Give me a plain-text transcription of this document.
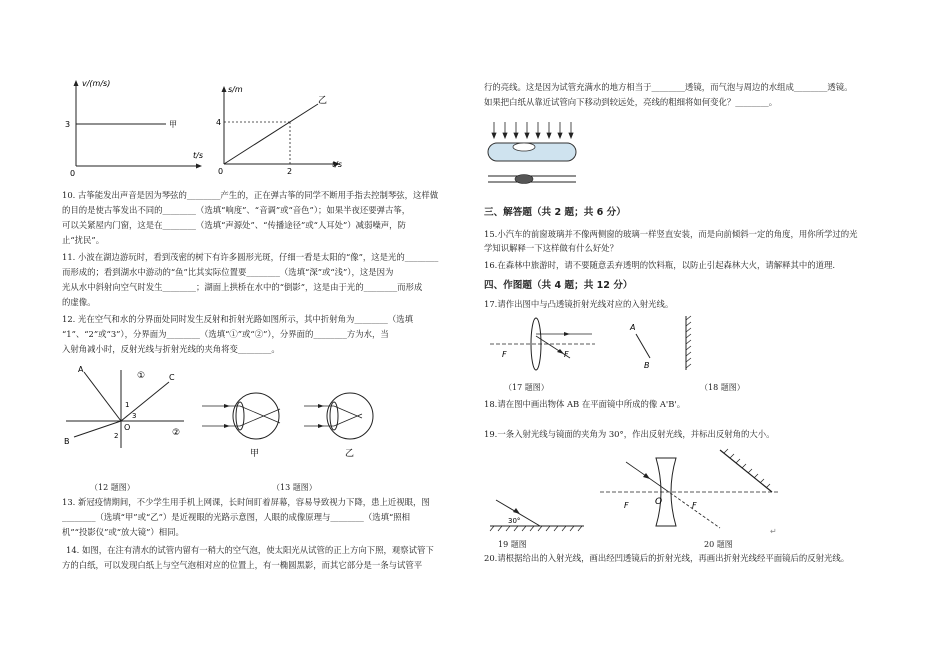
v/(m/s)
3	甲
t/s
0
s/m
4
2
乙
t/s
0
10. 古筝能发出声音是因为琴弦的________产生的，正在弹古筝的同学不断用手指去控制琴弦，这样做
的目的是使古筝发出不同的________（选填“响度”、“音调”或“音色”）；如果半夜还要弹古筝，
可以关紧屋内门窗，这是在________（选填“声源处”、“传播途径”或“人耳处”）减弱噪声，防
止“扰民”。
11. 小波在湖边游玩时，看到茂密的树下有许多圆形光斑，仔细一看是太阳的“像”，这是光的________
而形成的；看到湖水中游动的“鱼”比其实际位置要________（选填“深”或“浅”），这是因为
光从水中斜射向空气时发生________；湖面上拱桥在水中的“倒影”，这是由于光的________而形成
的虚像。
12. 光在空气和水的分界面处同时发生反射和折射光路如图所示，其中折射角为________（选填
“1”、“2”或“3”），分界面为________（选填“①”或“②”），分界面的________方为水，当
入射角减小时，反射光线与折射光线的夹角将变________。
A
C
B
O
1
3
2
①
②
甲	乙
（12 题图）	（13 题图）
13. 新冠疫情期间，不少学生用手机上网课，长时间盯着屏幕，容易导致视力下降，患上近视眼，图
________（选填“甲”或“乙”）是近视眼的光路示意图，人眼的成像原理与________（选填“照相
机”“投影仪”或“放大镜”）相同。
14. 如图，在注有清水的试管内留有一稍大的空气泡，使太阳光从试管的正上方向下照，观察试管下
方的白纸，可以发现白纸上与空气泡相对应的位置上，有一椭圆黑影，而其它部分是一条与试管平
行的亮线。这是因为试管充满水的地方相当于________透镜，而气泡与周边的水组成________透镜。
如果把白纸从靠近试管向下移动到较远处，亮线的粗细将如何变化？________。
三、解答题（共 2 题；共 6 分）
15.小汽车的前窗玻璃并不像两侧窗的玻璃一样竖直安装，而是向前倾斜一定的角度，用你所学过的光
学知识解释一下这样做有什么好处？
16.在森林中旅游时，请不要随意丢弃透明的饮料瓶，以防止引起森林大火，请解释其中的道理.
四、作图题（共 4 题；共 12 分）
17.请作出图中与凸透镜折射光线对应的入射光线。
F	F
A
B
（17 题图）	（18 题图）
18.请在图中画出物体 AB 在平面镜中所成的像 A'B'。
19.一条入射光线与镜面的夹角为 30°，作出反射光线，并标出反射角的大小。
30°
F	O	F
↵
19 题图	20 题图
20.请根据给出的入射光线，画出经凹透镜后的折射光线，再画出折射光线经平面镜后的反射光线。
